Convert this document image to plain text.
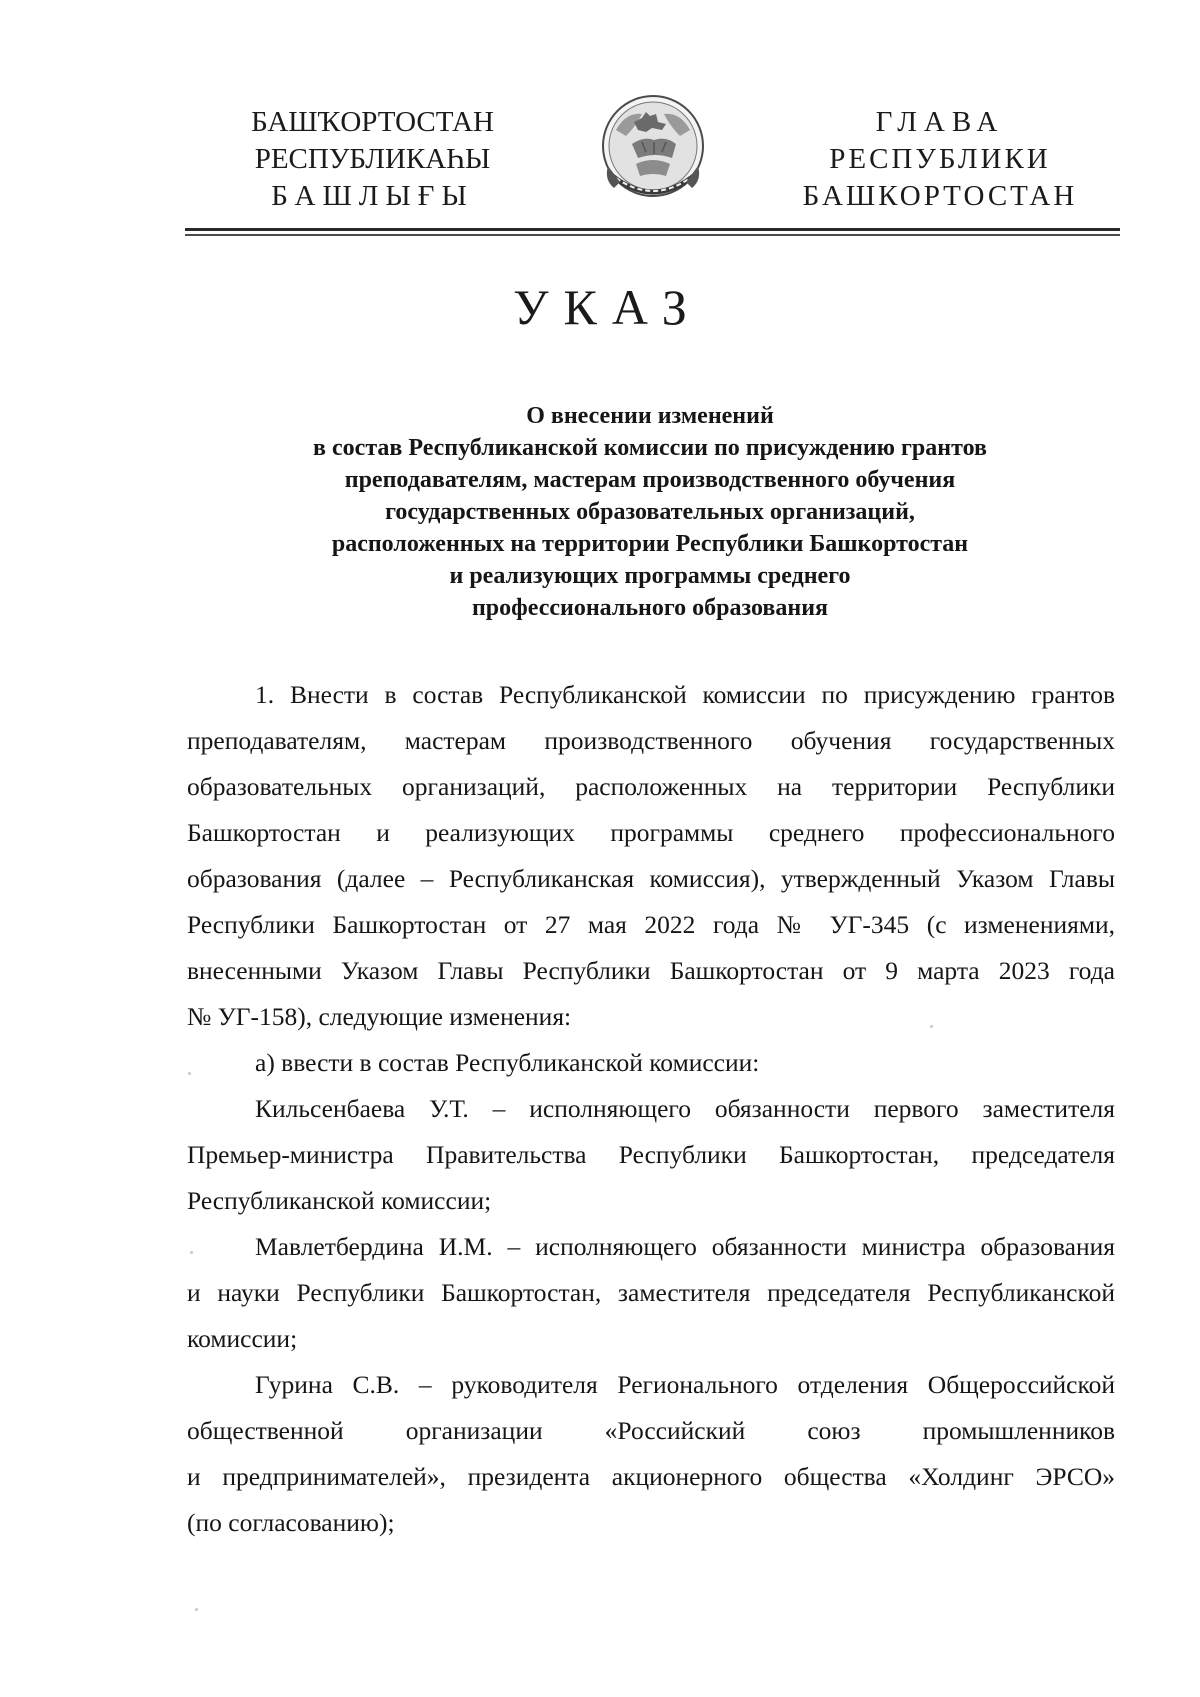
БАШҠОРТОСТАН
РЕСПУБЛИКАҺЫ
БАШЛЫҒЫ
ГЛАВА
РЕСПУБЛИКИ
БАШКОРТОСТАН
УКАЗ
О внесении изменений
в состав Республиканской комиссии по присуждению грантов
преподавателям, мастерам производственного обучения
государственных образовательных организаций,
расположенных на территории Республики Башкортостан
и реализующих программы среднего
профессионального образования
1. Внести в состав Республиканской комиссии по присуждению грантов
преподавателям, мастерам производственного обучения государственных
образовательных организаций, расположенных на территории Республики
Башкортостан и реализующих программы среднего профессионального
образования (далее – Республиканская комиссия), утвержденный Указом Главы
Республики Башкортостан от 27 мая 2022 года № УГ-345 (с изменениями,
внесенными Указом Главы Республики Башкортостан от 9 марта 2023 года
№ УГ-158), следующие изменения:
а) ввести в состав Республиканской комиссии:
Кильсенбаева У.Т. – исполняющего обязанности первого заместителя
Премьер-министра Правительства Республики Башкортостан, председателя
Республиканской комиссии;
Мавлетбердина И.М. – исполняющего обязанности министра образования
и науки Республики Башкортостан, заместителя председателя Республиканской
комиссии;
Гурина С.В. – руководителя Регионального отделения Общероссийской
общественной организации «Российский союз промышленников
и предпринимателей», президента акционерного общества «Холдинг ЭРСО»
(по согласованию);
